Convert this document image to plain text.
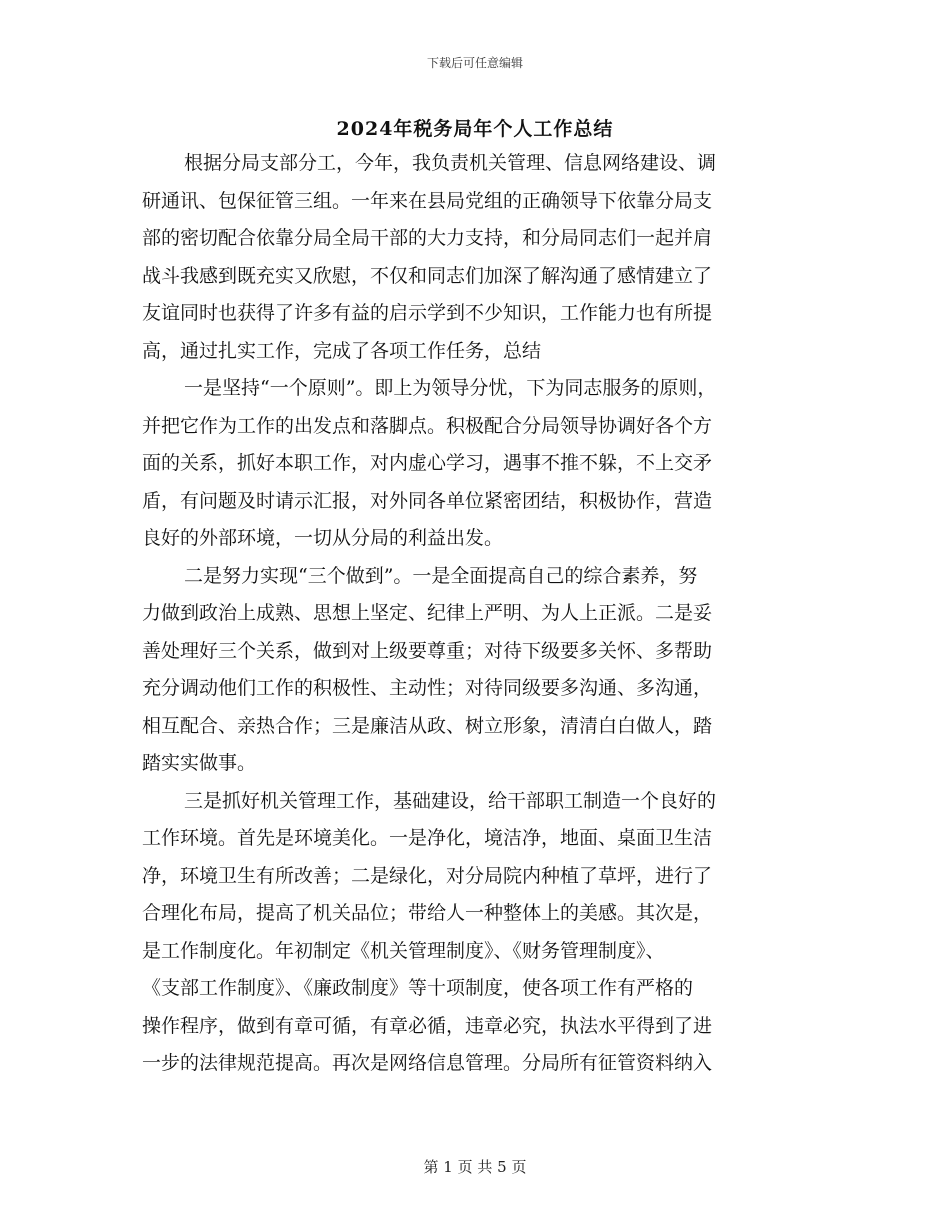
下载后可任意编辑
2024年税务局年个人工作总结
根据分局支部分工，今年，我负责机关管理、信息网络建设、调
研通讯、包保征管三组。一年来在县局党组的正确领导下依靠分局支
部的密切配合依靠分局全局干部的大力支持，和分局同志们一起并肩
战斗我感到既充实又欣慰，不仅和同志们加深了解沟通了感情建立了
友谊同时也获得了许多有益的启示学到不少知识，工作能力也有所提
高，通过扎实工作，完成了各项工作任务，总结
一是坚持“一个原则”。即上为领导分忧，下为同志服务的原则，
并把它作为工作的出发点和落脚点。积极配合分局领导协调好各个方
面的关系，抓好本职工作，对内虚心学习，遇事不推不躲，不上交矛
盾，有问题及时请示汇报，对外同各单位紧密团结，积极协作，营造
良好的外部环境，一切从分局的利益出发。
二是努力实现“三个做到”。一是全面提高自己的综合素养，努
力做到政治上成熟、思想上坚定、纪律上严明、为人上正派。二是妥
善处理好三个关系，做到对上级要尊重；对待下级要多关怀、多帮助
充分调动他们工作的积极性、主动性；对待同级要多沟通、多沟通，
相互配合、亲热合作；三是廉洁从政、树立形象，清清白白做人，踏
踏实实做事。
三是抓好机关管理工作，基础建设，给干部职工制造一个良好的
工作环境。首先是环境美化。一是净化，境洁净，地面、桌面卫生洁
净，环境卫生有所改善；二是绿化，对分局院内种植了草坪，进行了
合理化布局，提高了机关品位；带给人一种整体上的美感。其次是，
是工作制度化。年初制定《机关管理制度》、《财务管理制度》、
《支部工作制度》、《廉政制度》等十项制度，使各项工作有严格的
操作程序，做到有章可循，有章必循，违章必究，执法水平得到了进
一步的法律规范提高。再次是网络信息管理。分局所有征管资料纳入
第 1 页 共 5 页
